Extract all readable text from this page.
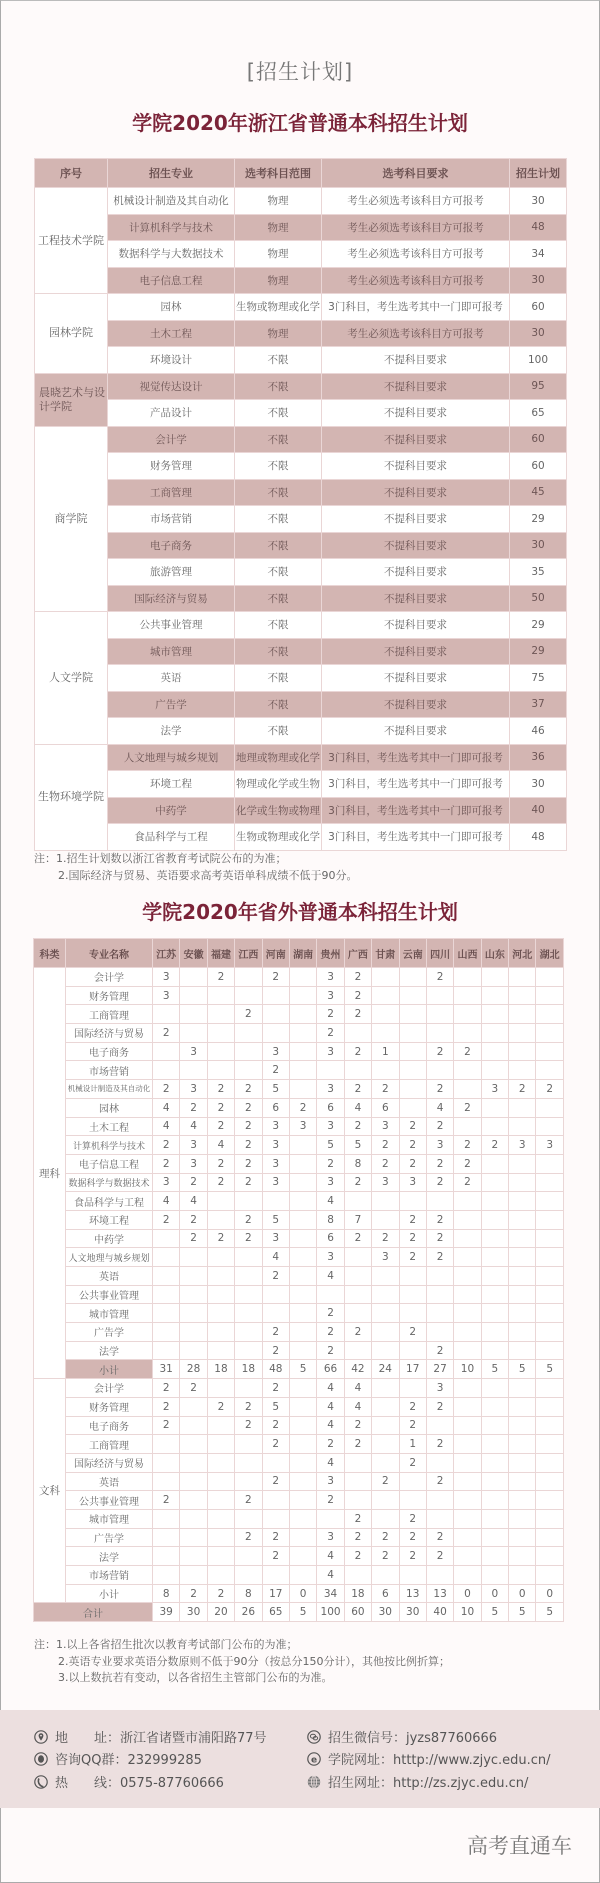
[招生计划]
学院2020年浙江省普通本科招生计划
序号	招生专业	选考科目范围	选考科目要求	招生计划
工程技术学院	机械设计制造及其自动化	物理	考生必须选考该科目方可报考	30
	计算机科学与技术	物理	考生必须选考该科目方可报考	48
	数据科学与大数据技术	物理	考生必须选考该科目方可报考	34
	电子信息工程	物理	考生必须选考该科目方可报考	30
园林学院	园林	生物或物理或化学	3门科目，考生选考其中一门即可报考	60
	土木工程	物理	考生必须选考该科目方可报考	30
	环境设计	不限	不提科目要求	100
晨晓艺术与设计学院	视觉传达设计	不限	不提科目要求	95
	产品设计	不限	不提科目要求	65
商学院	会计学	不限	不提科目要求	60
	财务管理	不限	不提科目要求	60
	工商管理	不限	不提科目要求	45
	市场营销	不限	不提科目要求	29
	电子商务	不限	不提科目要求	30
	旅游管理	不限	不提科目要求	35
	国际经济与贸易	不限	不提科目要求	50
人文学院	公共事业管理	不限	不提科目要求	29
	城市管理	不限	不提科目要求	29
	英语	不限	不提科目要求	75
	广告学	不限	不提科目要求	37
	法学	不限	不提科目要求	46
生物环境学院	人文地理与城乡规划	地理或物理或化学	3门科目，考生选考其中一门即可报考	36
	环境工程	物理或化学或生物	3门科目，考生选考其中一门即可报考	30
	中药学	化学或生物或物理	3门科目，考生选考其中一门即可报考	40
	食品科学与工程	生物或物理或化学	3门科目，考生选考其中一门即可报考	48
注：1.招生计划数以浙江省教育考试院公布的为准；
2.国际经济与贸易、英语要求高考英语单科成绩不低于90分。
学院2020年省外普通本科招生计划
科类	专业名称	江苏	安徽	福建	江西	河南	湖南	贵州	广西	甘肃	云南	四川	山西	山东	河北	湖北
理科	会计学	3		2		2		3	2			2				
	财务管理	3						3	2							
	工商管理				2			2	2							
	国际经济与贸易	2						2								
	电子商务		3			3		3	2	1		2	2			
	市场营销					2										
	机械设计制造及其自动化	2	3	2	2	5		3	2	2		2		3	2	2
	园林	4	2	2	2	6	2	6	4	6		4	2			
	土木工程	4	4	2	2	3	3	3	2	3	2	2				
	计算机科学与技术	2	3	4	2	3		5	5	2	2	3	2	2	3	3
	电子信息工程	2	3	2	2	3		2	8	2	2	2	2			
	数据科学与数据技术	3	2	2	2	3		3	2	3	3	2	2			
	食品科学与工程	4	4					4								
	环境工程	2	2		2	5		8	7		2	2				
	中药学		2	2	2	3		6	2	2	2	2				
	人文地理与城乡规划					4		3		3	2	2				
	英语					2		4								
	公共事业管理															
	城市管理							2								
	广告学					2		2	2		2					
	法学					2		2				2				
	小计	31	28	18	18	48	5	66	42	24	17	27	10	5	5	5
文科	会计学	2	2			2		4	4			3				
	财务管理	2		2	2	5		4	4		2	2				
	电子商务	2			2	2		4	2		2					
	工商管理					2		2	2		1	2				
	国际经济与贸易							4			2					
	英语					2		3		2		2				
	公共事业管理	2			2			2								
	城市管理								2		2					
	广告学				2	2		3	2	2	2	2				
	法学					2		4	2	2	2	2				
	市场营销							4								
	小计	8	2	2	8	17	0	34	18	6	13	13	0	0	0	0
合计		39	30	20	26	65	5	100	60	30	30	40	10	5	5	5
注：1.以上各省招生批次以教育考试部门公布的为准；
2.英语专业要求英语分数原则不低于90分（按总分150分计），其他按比例折算；
3.以上数抗若有变动，以各省招生主管部门公布的为准。
地　　址：浙江省诸暨市浦阳路77号
咨询QQ群：232999285
热　　线：0575-87760666
招生微信号：jyzs87760666
e 学院网址：htttp://www.zjyc.edu.cn/
招生网址：http://zs.zjyc.edu.cn/
高考直通车
